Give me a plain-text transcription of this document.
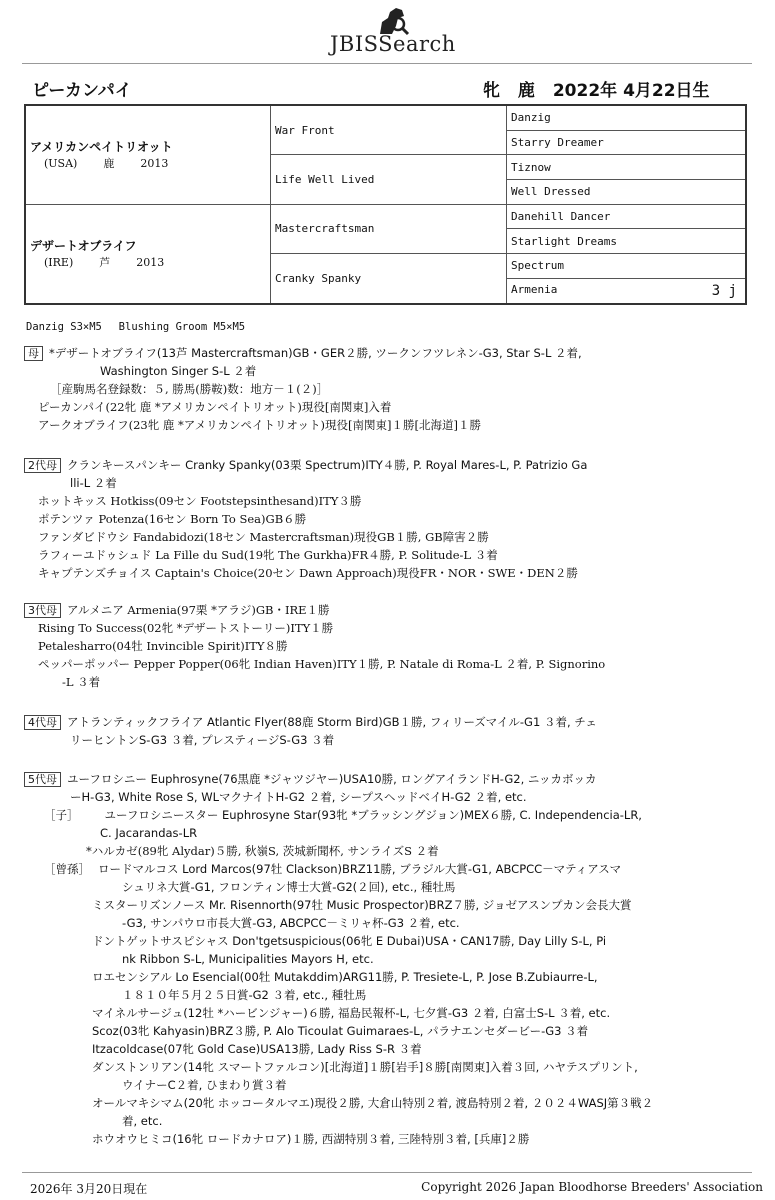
JBISSearch
ピーカンパイ	牝 鹿 2022年 4月22日生
アメリカンペイトリオット
(USA) 鹿 2013	War Front	Danzig
		Starry Dreamer
	Life Well Lived	Tiznow
		Well Dressed

デザートオブライフ
(IRE) 芦 2013	Mastercraftsman	Danehill Dancer
		Starlight Dreams
	Cranky Spanky	Spectrum
		Armenia 3 j
Danzig S3×M5　 Blushing Groom M5×M5
母 *デザートオブライフ(13芦 Mastercraftsman)GB・GER２勝, ツークンフツレネン-G3, Star S-L ２着,
Washington Singer S-L ２着
［産駒馬名登録数：５, 勝馬(勝鞍)数：地方－１(２)］
ピーカンパイ(22牝 鹿 *アメリカンペイトリオット)現役[南関東]入着
アークオブライフ(23牝 鹿 *アメリカンペイトリオット)現役[南関東]１勝[北海道]１勝
2代母 クランキースパンキー Cranky Spanky(03栗 Spectrum)ITY４勝, P. Royal Mares-L, P. Patrizio Ga
lli-L ２着
ホットキッス Hotkiss(09セン Footstepsinthesand)ITY３勝
ポテンツァ Potenza(16セン Born To Sea)GB６勝
ファンダビドウシ Fandabidozi(18セン Mastercraftsman)現役GB１勝, GB障害２勝
ラフィーユドゥシュド La Fille du Sud(19牝 The Gurkha)FR４勝, P. Solitude-L ３着
キャプテンズチョイス Captain's Choice(20セン Dawn Approach)現役FR・NOR・SWE・DEN２勝
3代母 アルメニア Armenia(97栗 *アラジ)GB・IRE１勝
Rising To Success(02牝 *デザートストーリー)ITY１勝
Petalesharro(04牡 Invincible Spirit)ITY８勝
ペッパーポッパー Pepper Popper(06牝 Indian Haven)ITY１勝, P. Natale di Roma-L ２着, P. Signorino
-L ３着
4代母 アトランティックフライア Atlantic Flyer(88鹿 Storm Bird)GB１勝, フィリーズマイル-G1 ３着, チェ
リーヒントンS-G3 ３着, プレスティージS-G3 ３着
5代母 ユーフロシニー Euphrosyne(76黒鹿 *ジャツジヤー)USA10勝, ロングアイランドH-G2, ニッカボッカ
ーH-G3, White Rose S, WLマクナイトH-G2 ２着, シープスヘッドベイH-G2 ２着, etc.
［子］ ユーフロシニースター Euphrosyne Star(93牝 *ブラッシングジョン)MEX６勝, C. Independencia-LR,
C. Jacarandas-LR
*ハルカゼ(89牝 Alydar)５勝, 秋嶺S, 茨城新聞杯, サンライズS ２着
［曾孫］ ロードマルコス Lord Marcos(97牡 Clackson)BRZ11勝, ブラジル大賞-G1, ABCPCC－マティアスマ
シュリネ大賞-G1, フロンティン博士大賞-G2(２回), etc., 種牡馬
ミスターリズンノース Mr. Risennorth(97牡 Music Prospector)BRZ７勝, ジョゼアスンプカン会長大賞
-G3, サンパウロ市長大賞-G3, ABCPCC－ミリャ杯-G3 ２着, etc.
ドントゲットサスピシャス Don'tgetsuspicious(06牝 E Dubai)USA・CAN17勝, Day Lilly S-L, Pi
nk Ribbon S-L, Municipalities Mayors H, etc.
ロエセンシアル Lo Esencial(00牡 Mutakddim)ARG11勝, P. Tresiete-L, P. Jose B.Zubiaurre-L,
１８１０年５月２５日賞-G2 ３着, etc., 種牡馬
マイネルサージュ(12牡 *ハービンジャー)６勝, 福島民報杯-L, 七夕賞-G3 ２着, 白富士S-L ３着, etc.
Scoz(03牝 Kahyasin)BRZ３勝, P. Alo Ticoulat Guimaraes-L, パラナエンセダービー-G3 ３着
Itzacoldcase(07牝 Gold Case)USA13勝, Lady Riss S-R ３着
ダンストンリアン(14牝 スマートファルコン)[北海道]１勝[岩手]８勝[南関東]入着３回, ハヤテスプリント,
ウイナーC２着, ひまわり賞３着
オールマキシマム(20牝 ホッコータルマエ)現役２勝, 大倉山特別２着, 渡島特別２着, ２０２４WASJ第３戦２
着, etc.
ホウオウヒミコ(16牝 ロードカナロア)１勝, 西湖特別３着, 三陸特別３着, [兵庫]２勝
2026年 3月20日現在	Copyright 2026 Japan Bloodhorse Breeders' Association
